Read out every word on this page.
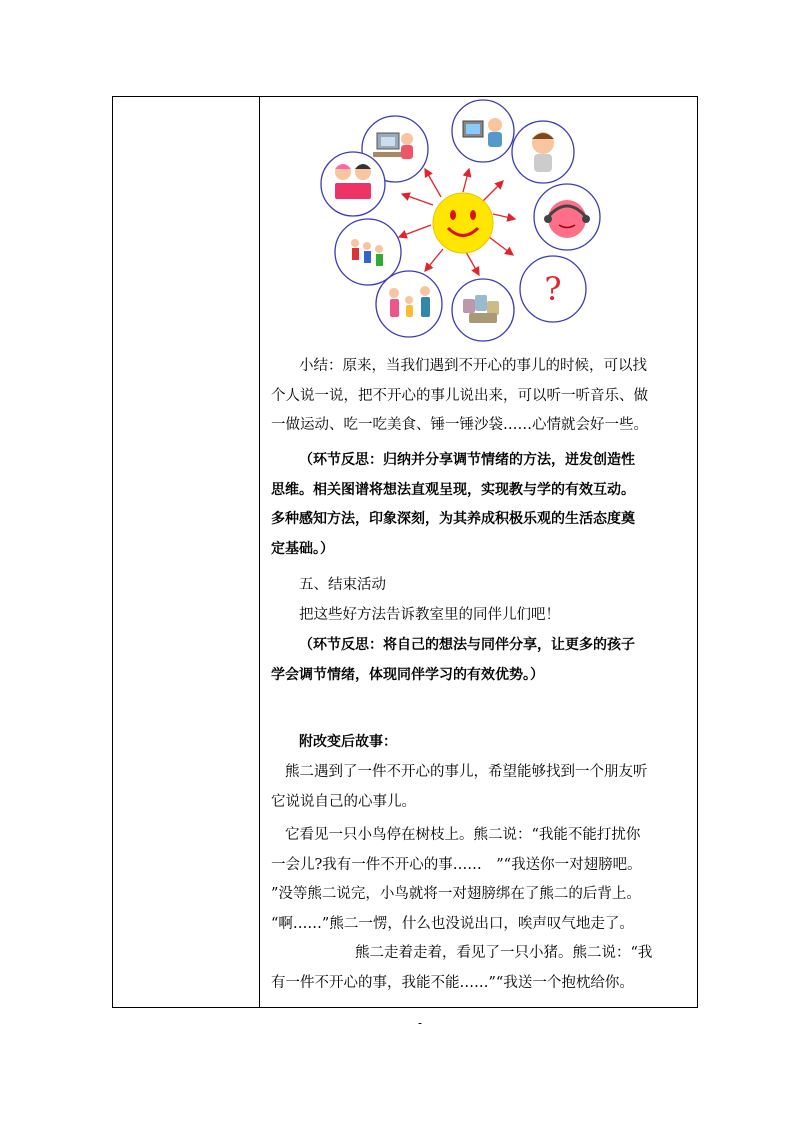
?

小结：原来，当我们遇到不开心的事儿的时候，可以找

个人说一说，把不开心的事儿说出来，可以听一听音乐、做

一做运动、吃一吃美食、锤一锤沙袋……心情就会好一些。

（环节反思：归纳并分享调节情绪的方法，迸发创造性

思维。相关图谱将想法直观呈现，实现教与学的有效互动。

多种感知方法，印象深刻，为其养成积极乐观的生活态度奠

定基础。）

五、结束活动

把这些好方法告诉教室里的同伴儿们吧！

（环节反思：将自己的想法与同伴分享，让更多的孩子

学会调节情绪，体现同伴学习的有效优势。）

附改变后故事：

熊二遇到了一件不开心的事儿，希望能够找到一个朋友听

它说说自己的心事儿。

它看见一只小鸟停在树枝上。熊二说：“我能不能打扰你

一会儿?我有一件不开心的事……　”“我送你一对翅膀吧。

”没等熊二说完，小鸟就将一对翅膀绑在了熊二的后背上。

“啊……”熊二一愣，什么也没说出口，唉声叹气地走了。

熊二走着走着，看见了一只小猪。熊二说：“我

有一件不开心的事，我能不能……”“我送一个抱枕给你。

-
